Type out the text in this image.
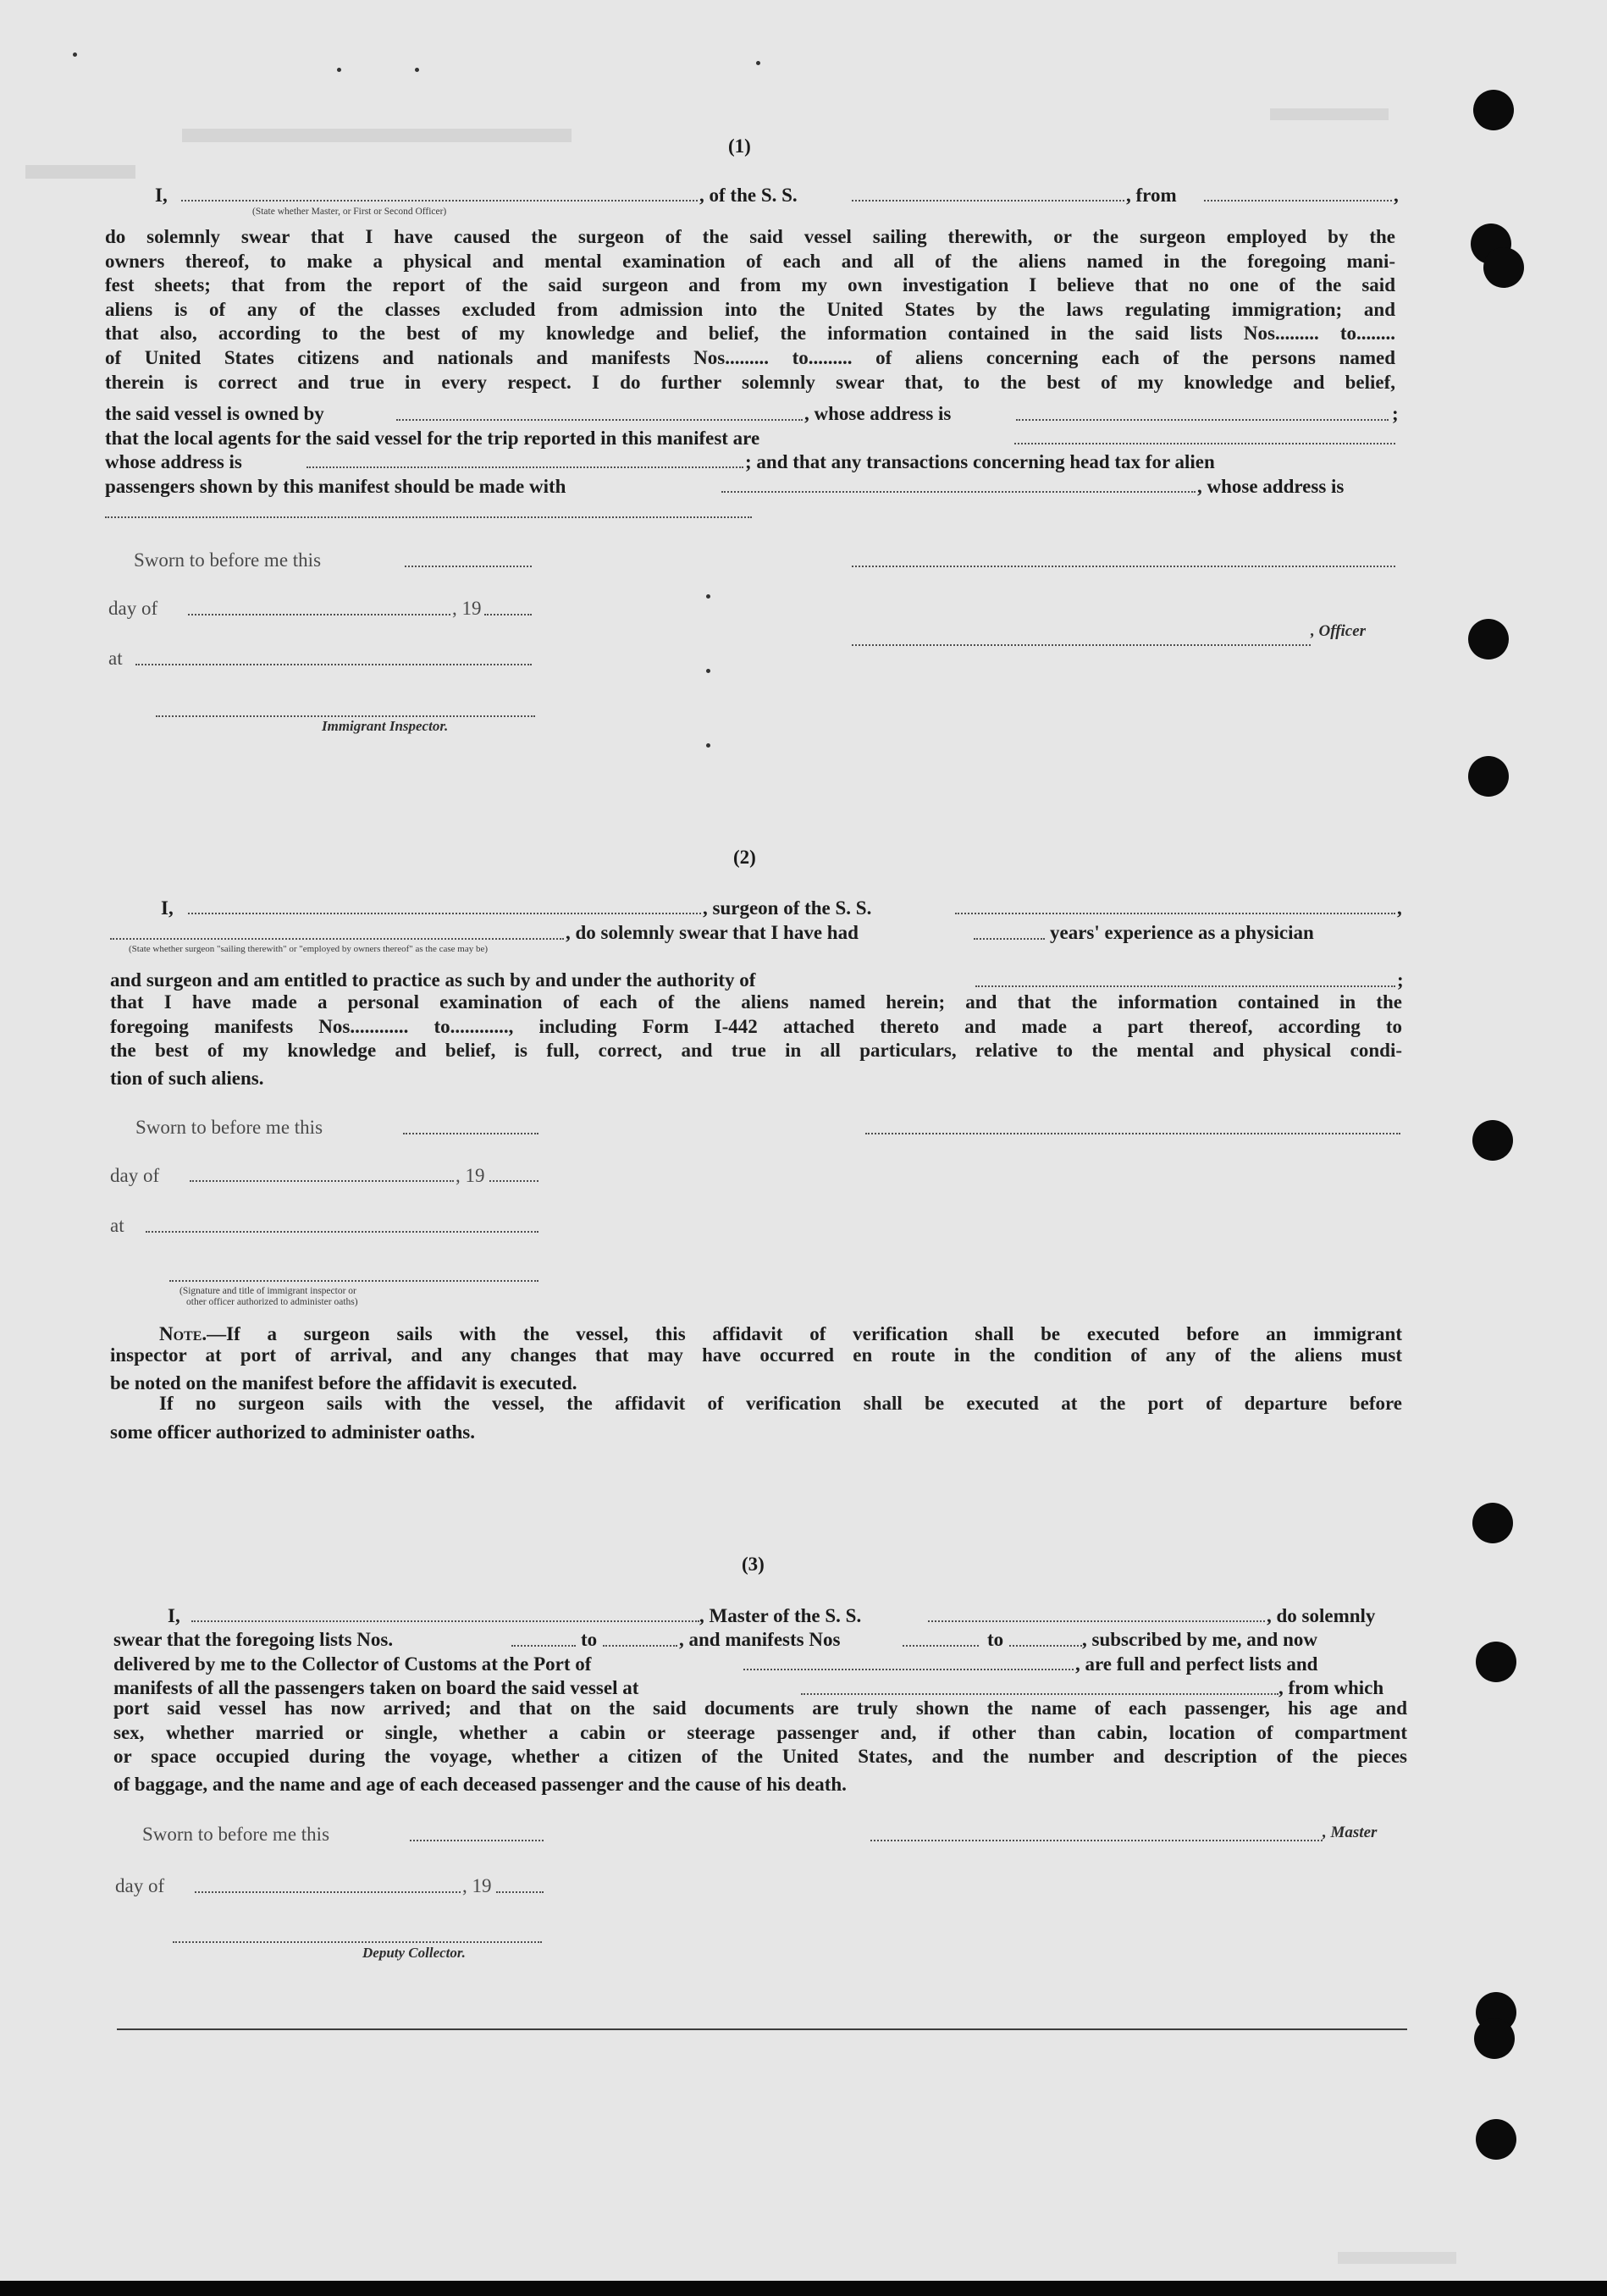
(1)
I,	, of the S. S.	, from	,
(State whether Master, or First or Second Officer)
do solemnly swear that I have caused the surgeon of the said vessel sailing therewith, or the surgeon employed by the
owners thereof, to make a physical and mental examination of each and all of the aliens named in the foregoing mani-
fest sheets; that from the report of the said surgeon and from my own investigation I believe that no one of the said
aliens is of any of the classes excluded from admission into the United States by the laws regulating immigration; and
that also, according to the best of my knowledge and belief, the information contained in the said lists Nos......... to........
of United States citizens and nationals and manifests Nos......... to......... of aliens concerning each of the persons named
therein is correct and true in every respect. I do further solemnly swear that, to the best of my knowledge and belief,
the said vessel is owned by	, whose address is	;
that the local agents for the said vessel for the trip reported in this manifest are
whose address is	; and that any transactions concerning head tax for alien
passengers shown by this manifest should be made with	, whose address is
Sworn to before me this
day of	, 19
, Officer
at
Immigrant Inspector.
(2)
I,	, surgeon of the S. S.	,
, do solemnly swear that I have had	years' experience as a physician
(State whether surgeon "sailing therewith" or "employed by owners thereof" as the case may be)
and surgeon and am entitled to practice as such by and under the authority of	;
that I have made a personal examination of each of the aliens named herein; and that the information contained in the
foregoing manifests Nos............ to............, including Form I-442 attached thereto and made a part thereof, according to
the best of my knowledge and belief, is full, correct, and true in all particulars, relative to the mental and physical condi-
tion of such aliens.
Sworn to before me this
day of	, 19
at
(Signature and title of immigrant inspector or
other officer authorized to administer oaths)
Note. —If a surgeon sails with the vessel, this affidavit of verification shall be executed before an immigrant
inspector at port of arrival, and any changes that may have occurred en route in the condition of any of the aliens must
be noted on the manifest before the affidavit is executed.
If no surgeon sails with the vessel, the affidavit of verification shall be executed at the port of departure before
some officer authorized to administer oaths.
(3)
I,	, Master of the S. S.	, do solemnly
swear that the foregoing lists Nos.	to	, and manifests Nos	to	, subscribed by me, and now
delivered by me to the Collector of Customs at the Port of	, are full and perfect lists and
manifests of all the passengers taken on board the said vessel at	, from which
port said vessel has now arrived; and that on the said documents are truly shown the name of each passenger, his age and
sex, whether married or single, whether a cabin or steerage passenger and, if other than cabin, location of compartment
or space occupied during the voyage, whether a citizen of the United States, and the number and description of the pieces
of baggage, and the name and age of each deceased passenger and the cause of his death.
Sworn to before me this	, Master
day of	, 19
Deputy Collector.
